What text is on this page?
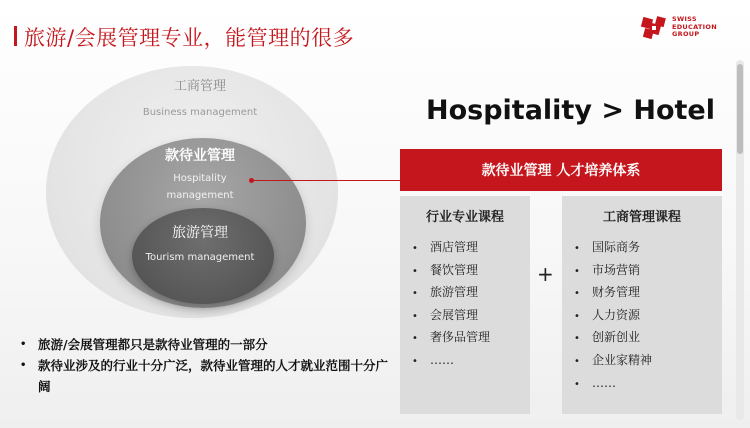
旅游/会展管理专业，能管理的很多
SWISS EDUCATION GROUP
工商管理
Business management
款待业管理
Hospitality management
旅游管理
Tourism management
Hospitality > Hotel
款待业管理 人才培养体系
行业专业课程
• 酒店管理
• 餐饮管理
• 旅游管理
• 会展管理
• 奢侈品管理
• ……
+
工商管理课程
• 国际商务
• 市场营销
• 财务管理
• 人力资源
• 创新创业
• 企业家精神
• ……
• 旅游/会展管理都只是款待业管理的一部分
• 款待业涉及的行业十分广泛，款待业管理的人才就业范围十分广阔
